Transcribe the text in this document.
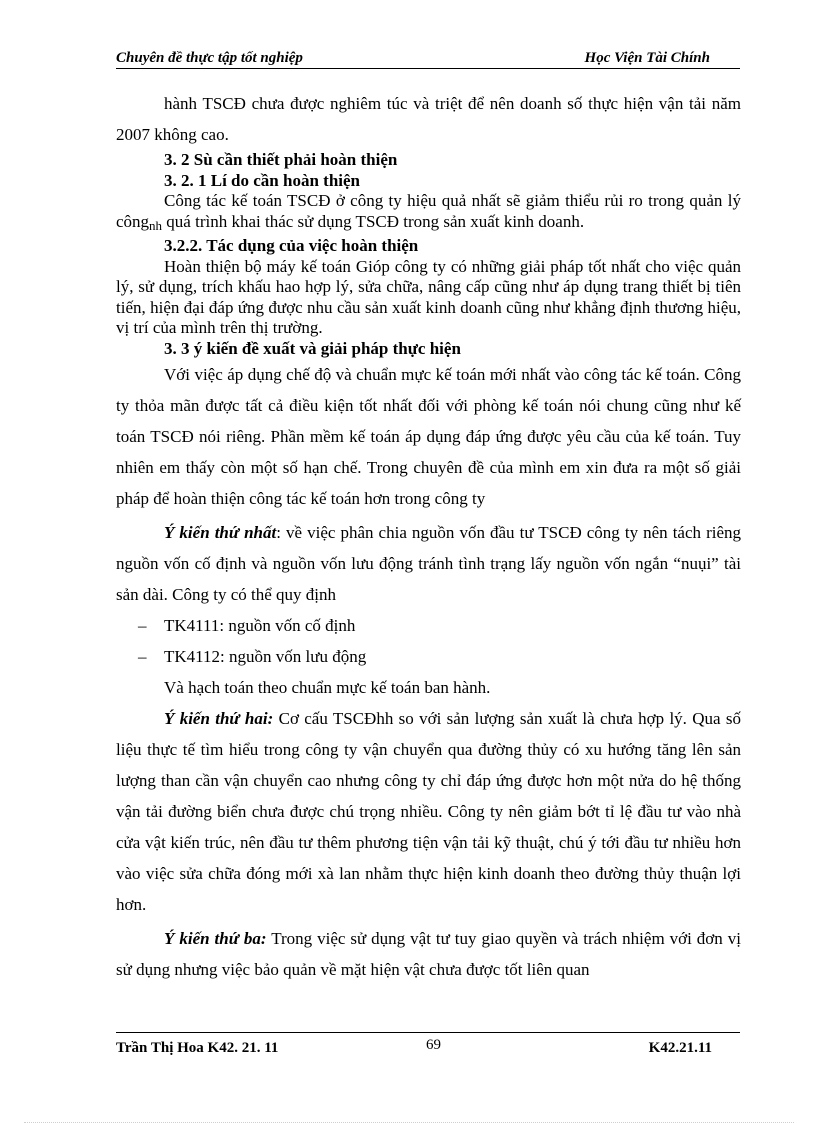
Chuyên đề thực tập tốt nghiệp	Học Viện Tài Chính

hành TSCĐ chưa được nghiêm túc và triệt để nên doanh số thực hiện vận tải năm 2007 không cao.

3. 2 Sù cần thiết phải hoàn thiện
3. 2. 1 Lí do cần hoàn thiện

Công tác kế toán TSCĐ ở công ty hiệu quả nhất sẽ giảm thiểu rủi ro trong quản lý công$_{nh}$ quá trình khai thác sử dụng TSCĐ trong sản xuất kinh doanh.

3.2.2. Tác dụng của việc hoàn thiện

Hoàn thiện bộ máy kế toán Gióp công ty có những giải pháp tốt nhất cho việc quản lý, sử dụng, trích khấu hao hợp lý, sửa chữa, nâng cấp cũng như áp dụng trang thiết bị tiên tiến, hiện đại đáp ứng được nhu cầu sản xuất kinh doanh cũng như khẳng định thương hiệu, vị trí của mình trên thị trường.

3. 3 ý kiến đề xuất và giải pháp thực hiện

Với việc áp dụng chế độ và chuẩn mực kế toán mới nhất vào công tác kế toán. Công ty thỏa mãn được tất cả điều kiện tốt nhất đối với phòng kế toán nói chung cũng như kế toán TSCĐ nói riêng. Phần mềm kế toán áp dụng đáp ứng được yêu cầu của kế toán. Tuy nhiên em thấy còn một số hạn chế. Trong chuyên đề của mình em xin đưa ra một số giải pháp để hoàn thiện công tác kế toán hơn trong công ty

Ý kiến thứ nhất: về việc phân chia nguồn vốn đầu tư TSCĐ công ty nên tách riêng nguồn vốn cố định và nguồn vốn lưu động tránh tình trạng lấy nguồn vốn ngắn “nuụi” tài sản dài. Công ty có thể quy định

– TK4111: nguồn vốn cố định
– TK4112: nguồn vốn lưu động

Và hạch toán theo chuẩn mực kế toán ban hành.

Ý kiến thứ hai: Cơ cấu TSCĐhh so với sản lượng sản xuất là chưa hợp lý. Qua số liệu thực tế tìm hiểu trong công ty vận chuyển qua đường thủy có xu hướng tăng lên sản lượng than cần vận chuyển cao nhưng công ty chỉ đáp ứng được hơn một nửa do hệ thống vận tải đường biển chưa được chú trọng nhiều. Công ty nên giảm bớt tỉ lệ đầu tư vào nhà cửa vật kiến trúc, nên đầu tư thêm phương tiện vận tải kỹ thuật, chú ý tới đầu tư nhiều hơn vào việc sửa chữa đóng mới xà lan nhằm thực hiện kinh doanh theo đường thủy thuận lợi hơn.

Ý kiến thứ ba: Trong việc sử dụng vật tư tuy giao quyền và trách nhiệm với đơn vị sử dụng nhưng việc bảo quản về mặt hiện vật chưa được tốt liên quan

Trần Thị Hoa K42. 21. 11	69	K42.21.11
